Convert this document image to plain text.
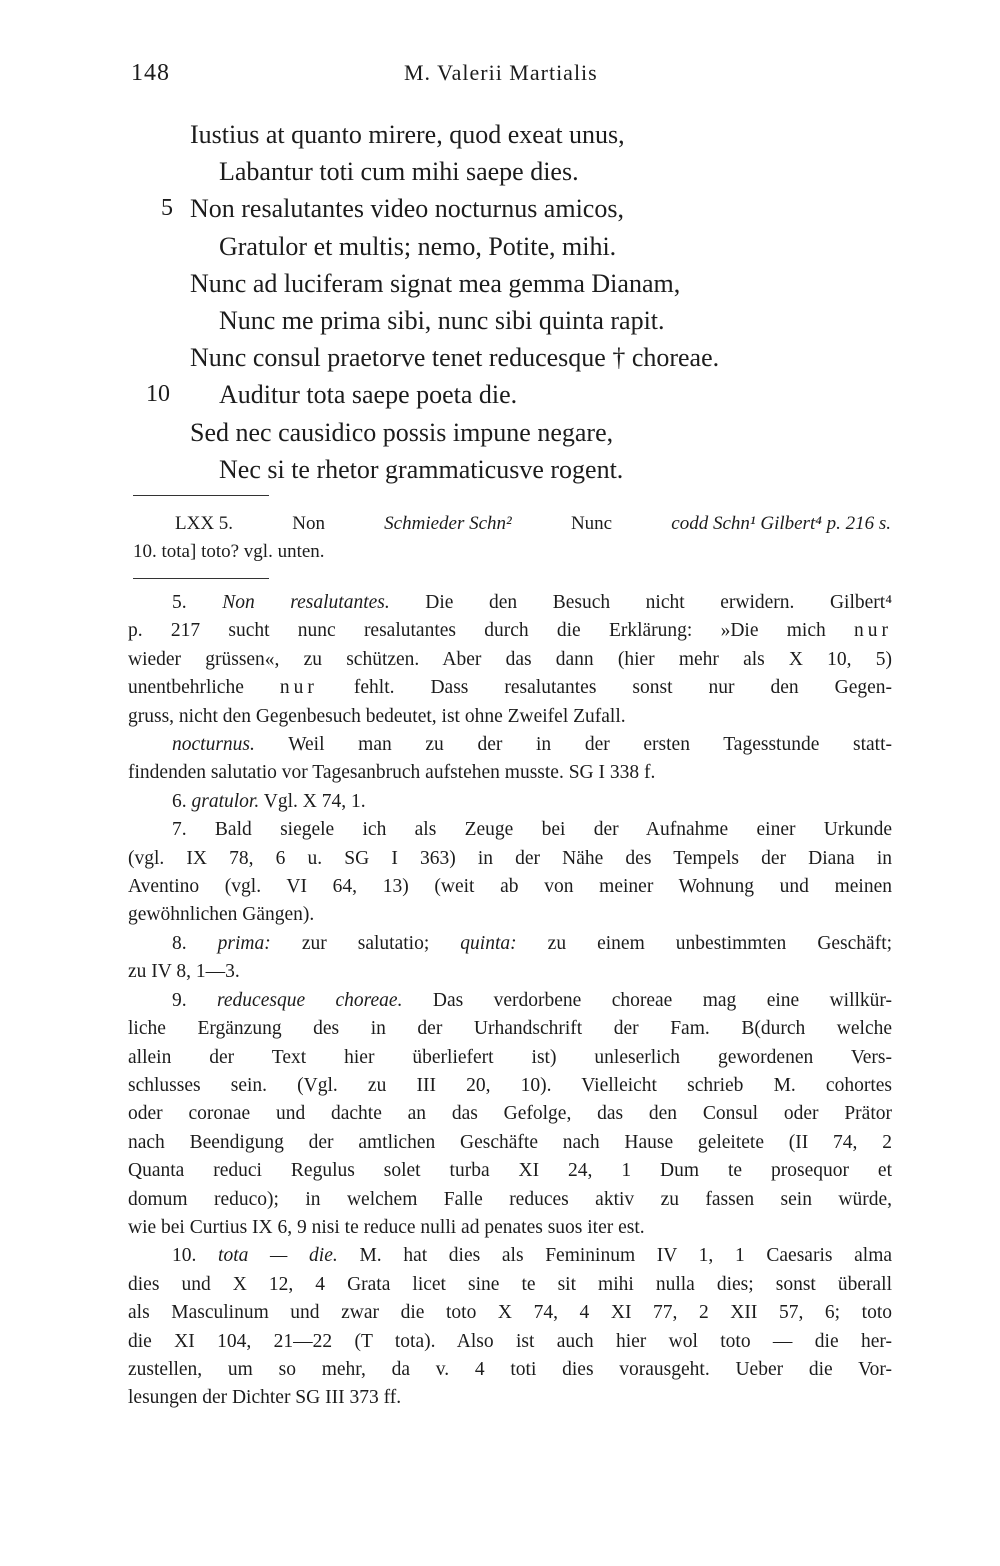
148	M. Valerii Martialis
Iustius at quanto mirere, quod exeat unus,
Labantur toti cum mihi saepe dies.
5 Non resalutantes video nocturnus amicos,
Gratulor et multis; nemo, Potite, mihi.
Nunc ad luciferam signat mea gemma Dianam,
Nunc me prima sibi, nunc sibi quinta rapit.
Nunc consul praetorve tenet reducesque † choreae.
10 Auditur tota saepe poeta die.
Sed nec causidico possis impune negare,
Nec si te rhetor grammaticusve rogent.
LXX 5.	Non	Schmieder Schn²	Nunc	codd Schn¹ Gilbert⁴ p. 216 s.
10. tota] toto? vgl. unten.
5. Non resalutantes. Die den Besuch nicht erwidern. Gilbert⁴
p. 217 sucht nunc resalutantes durch die Erklärung: »Die mich nur
wieder grüssen«, zu schützen. Aber das dann (hier mehr als X 10, 5)
unentbehrliche nur fehlt. Dass resalutantes sonst nur den Gegen-
gruss, nicht den Gegenbesuch bedeutet, ist ohne Zweifel Zufall.
nocturnus. Weil man zu der in der ersten Tagesstunde statt-
findenden salutatio vor Tagesanbruch aufstehen musste. SG I 338 f.
6. gratulor. Vgl. X 74, 1.
7. Bald siegele ich als Zeuge bei der Aufnahme einer Urkunde
(vgl. IX 78, 6 u. SG I 363) in der Nähe des Tempels der Diana in
Aventino (vgl. VI 64, 13) (weit ab von meiner Wohnung und meinen
gewöhnlichen Gängen).
8. prima: zur salutatio; quinta: zu einem unbestimmten Geschäft;
zu IV 8, 1—3.
9. reducesque choreae. Das verdorbene choreae mag eine willkür-
liche Ergänzung des in der Urhandschrift der Fam. B(durch welche
allein der Text hier überliefert ist) unleserlich gewordenen Vers-
schlusses sein. (Vgl. zu III 20, 10). Vielleicht schrieb M. cohortes
oder coronae und dachte an das Gefolge, das den Consul oder Prätor
nach Beendigung der amtlichen Geschäfte nach Hause geleitete (II 74, 2
Quanta reduci Regulus solet turba XI 24, 1 Dum te prosequor et
domum reduco); in welchem Falle reduces aktiv zu fassen sein würde,
wie bei Curtius IX 6, 9 nisi te reduce nulli ad penates suos iter est.
10. tota — die. M. hat dies als Femininum IV 1, 1 Caesaris alma
dies und X 12, 4 Grata licet sine te sit mihi nulla dies; sonst überall
als Masculinum und zwar die toto X 74, 4 XI 77, 2 XII 57, 6; toto
die XI 104, 21—22 (T tota). Also ist auch hier wol toto — die her-
zustellen, um so mehr, da v. 4 toti dies vorausgeht. Ueber die Vor-
lesungen der Dichter SG III 373 ff.
